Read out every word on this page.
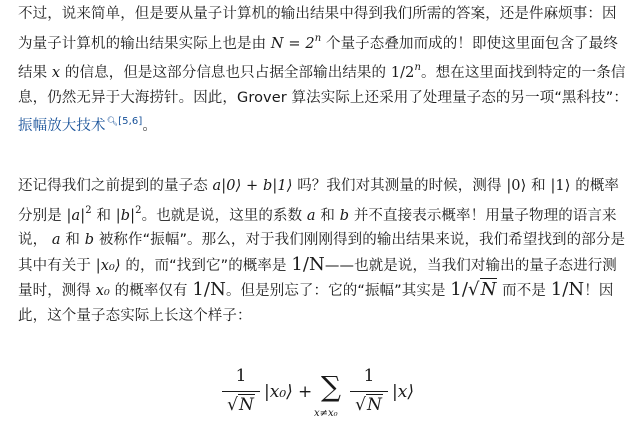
不过，说来简单，但是要从量子计算机的输出结果中得到我们所需的答案，还是件麻烦事：因为量子计算机的输出结果实际上也是由 $N = 2^n$ 个量子态叠加而成的！即使这里面包含了最终结果 x 的信息，但是这部分信息也只占据全部输出结果的 1/2$^n$。想在这里面找到特定的一条信息，仍然无异于大海捞针。因此，Grover 算法实际上还采用了处理量子态的另一项“黑科技”：振幅放大技术$^{🔍︎[5,6]}$。

还记得我们之前提到的量子态 a|0⟩ + b|1⟩ 吗？我们对其测量的时候，测得 |0⟩ 和 |1⟩ 的概率分别是 $|a|^2$ 和 $|b|^2$。也就是说，这里的系数 a 和 b 并不直接表示概率！用量子物理的语言来说， a 和 b 被称作“振幅”。那么，对于我们刚刚得到的输出结果来说，我们希望找到的部分是其中有关于 |x₀⟩ 的，而“找到它”的概率是 1/N——也就是说，当我们对输出的量子态进行测量时，测得 x₀ 的概率仅有 1/N。但是别忘了：它的“振幅”其实是 1/√N 而不是 1/N！因此，这个量子态实际上长这个样子：

1
√N
|x₀⟩ + ∑
x≠x₀
1
√N
|x⟩
